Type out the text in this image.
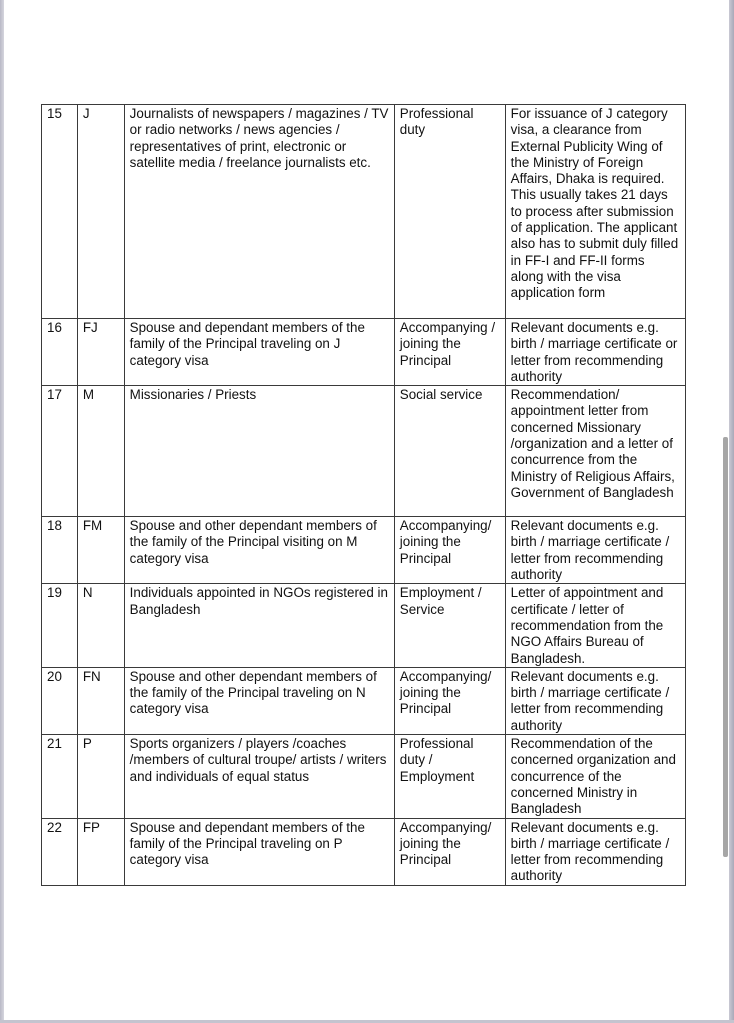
15	J	Journalists of newspapers / magazines / TV or radio networks / news agencies / representatives of print, electronic or satellite media / freelance journalists etc.	Professional duty	For issuance of J category visa, a clearance from External Publicity Wing of the Ministry of Foreign Affairs, Dhaka is required. This usually takes 21 days to process after submission of application. The applicant also has to submit duly filled in FF-I and FF-II forms along with the visa application form
16	FJ	Spouse and dependant members of the family of the Principal traveling on J category visa	Accompanying / joining the Principal	Relevant documents e.g. birth / marriage certificate or letter from recommending authority
17	M	Missionaries / Priests	Social service	Recommendation/ appointment letter from concerned Missionary /organization and a letter of concurrence from the Ministry of Religious Affairs, Government of Bangladesh
18	FM	Spouse and other dependant members of the family of the Principal visiting on M category visa	Accompanying/ joining the Principal	Relevant documents e.g. birth / marriage certificate / letter from recommending authority
19	N	Individuals appointed in NGOs registered in Bangladesh	Employment / Service	Letter of appointment and certificate / letter of recommendation from the NGO Affairs Bureau of Bangladesh.
20	FN	Spouse and other dependant members of the family of the Principal traveling on N category visa	Accompanying/ joining the Principal	Relevant documents e.g. birth / marriage certificate / letter from recommending authority
21	P	Sports organizers / players /coaches /members of cultural troupe/ artists / writers and individuals of equal status	Professional duty / Employment	Recommendation of the concerned organization and concurrence of the concerned Ministry in Bangladesh
22	FP	Spouse and dependant members of the family of the Principal traveling on P category visa	Accompanying/ joining the Principal	Relevant documents e.g. birth / marriage certificate / letter from recommending authority
